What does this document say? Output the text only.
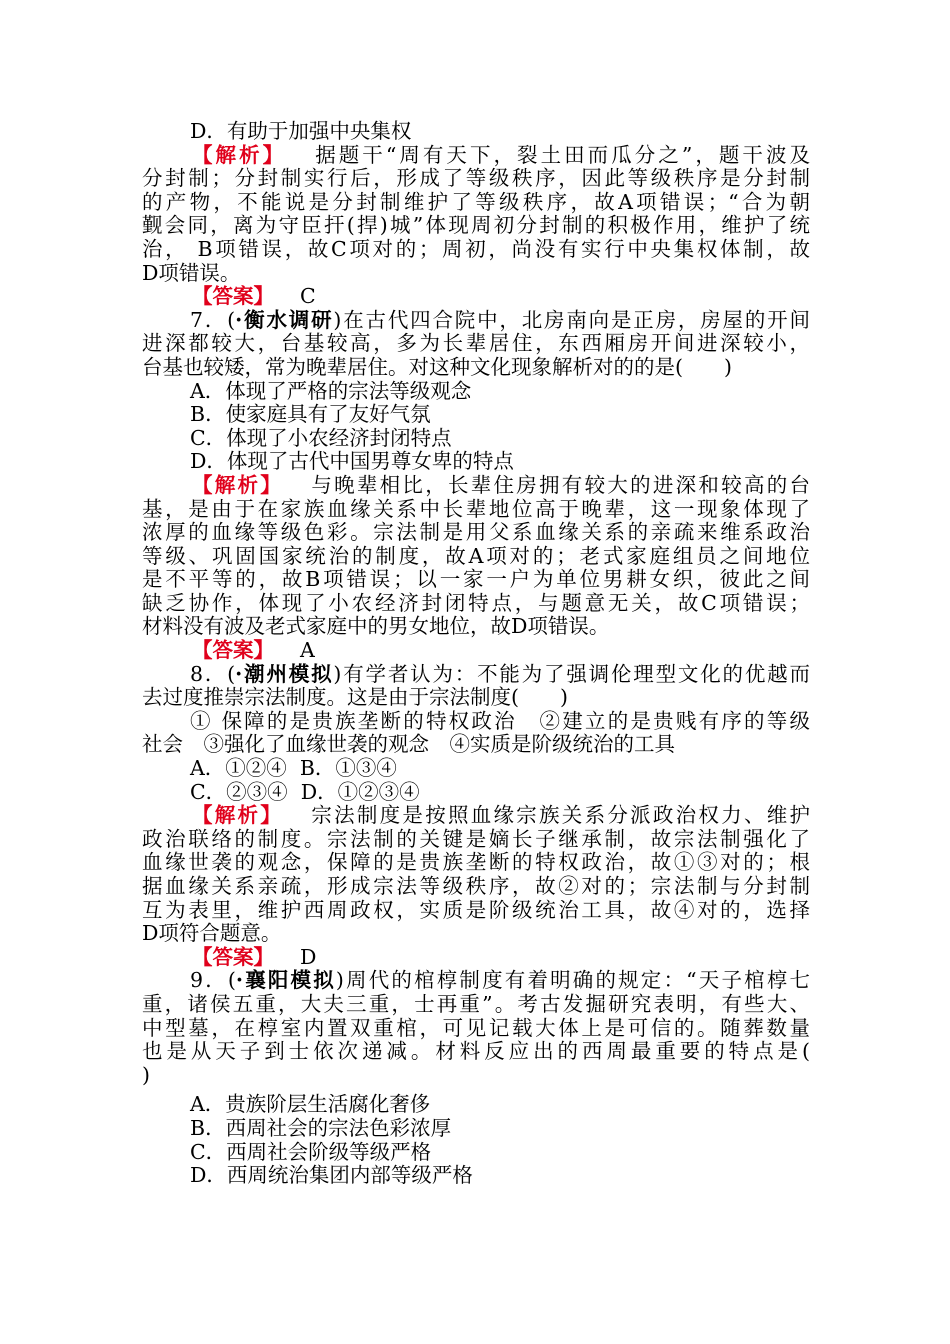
D．有助于加强中央集权
【解析】 据题干“周有天下，裂土田而瓜分之”，题干波及
分封制；分封制实行后，形成了等级秩序，因此等级秩序是分封制
的产物，不能说是分封制维护了等级秩序，故A项错误；“合为朝
觐会同，离为守臣扞(捍)城”体现周初分封制的积极作用，维护了统
治， B项错误，故C项对的；周初，尚没有实行中央集权体制，故
D项错误。
【答案】 C
7．(·衡水调研)在古代四合院中，北房南向是正房，房屋的开间
进深都较大，台基较高，多为长辈居住，东西厢房开间进深较小，
台基也较矮，常为晚辈居住。对这种文化现象解析对的的是(　　)
A．体现了严格的宗法等级观念
B．使家庭具有了友好气氛
C．体现了小农经济封闭特点
D．体现了古代中国男尊女卑的特点
【解析】 与晚辈相比，长辈住房拥有较大的进深和较高的台
基，是由于在家族血缘关系中长辈地位高于晚辈，这一现象体现了
浓厚的血缘等级色彩。宗法制是用父系血缘关系的亲疏来维系政治
等级、巩固国家统治的制度，故A项对的；老式家庭组员之间地位
是不平等的，故B项错误；以一家一户为单位男耕女织，彼此之间
缺乏协作，体现了小农经济封闭特点，与题意无关，故C项错误；
材料没有波及老式家庭中的男女地位，故D项错误。
【答案】 A
8．(·潮州模拟)有学者认为：不能为了强调伦理型文化的优越而
去过度推崇宗法制度。这是由于宗法制度(　　)
① 保障的是贵族垄断的特权政治　②建立的是贵贱有序的等级
社会　③强化了血缘世袭的观念　④实质是阶级统治的工具
A．①②④  B．①③④
C．②③④  D．①②③④
【解析】 宗法制度是按照血缘宗族关系分派政治权力、维护
政治联络的制度。宗法制的关键是嫡长子继承制，故宗法制强化了
血缘世袭的观念，保障的是贵族垄断的特权政治，故①③对的；根
据血缘关系亲疏，形成宗法等级秩序，故②对的；宗法制与分封制
互为表里，维护西周政权，实质是阶级统治工具，故④对的，选择
D项符合题意。
【答案】 D
9．(·襄阳模拟)周代的棺椁制度有着明确的规定：“天子棺椁七
重，诸侯五重，大夫三重，士再重”。考古发掘研究表明，有些大、
中型墓，在椁室内置双重棺，可见记载大体上是可信的。随葬数量
也是从天子到士依次递减。材料反应出的西周最重要的特点是(
)
A．贵族阶层生活腐化奢侈
B．西周社会的宗法色彩浓厚
C．西周社会阶级等级严格
D．西周统治集团内部等级严格
